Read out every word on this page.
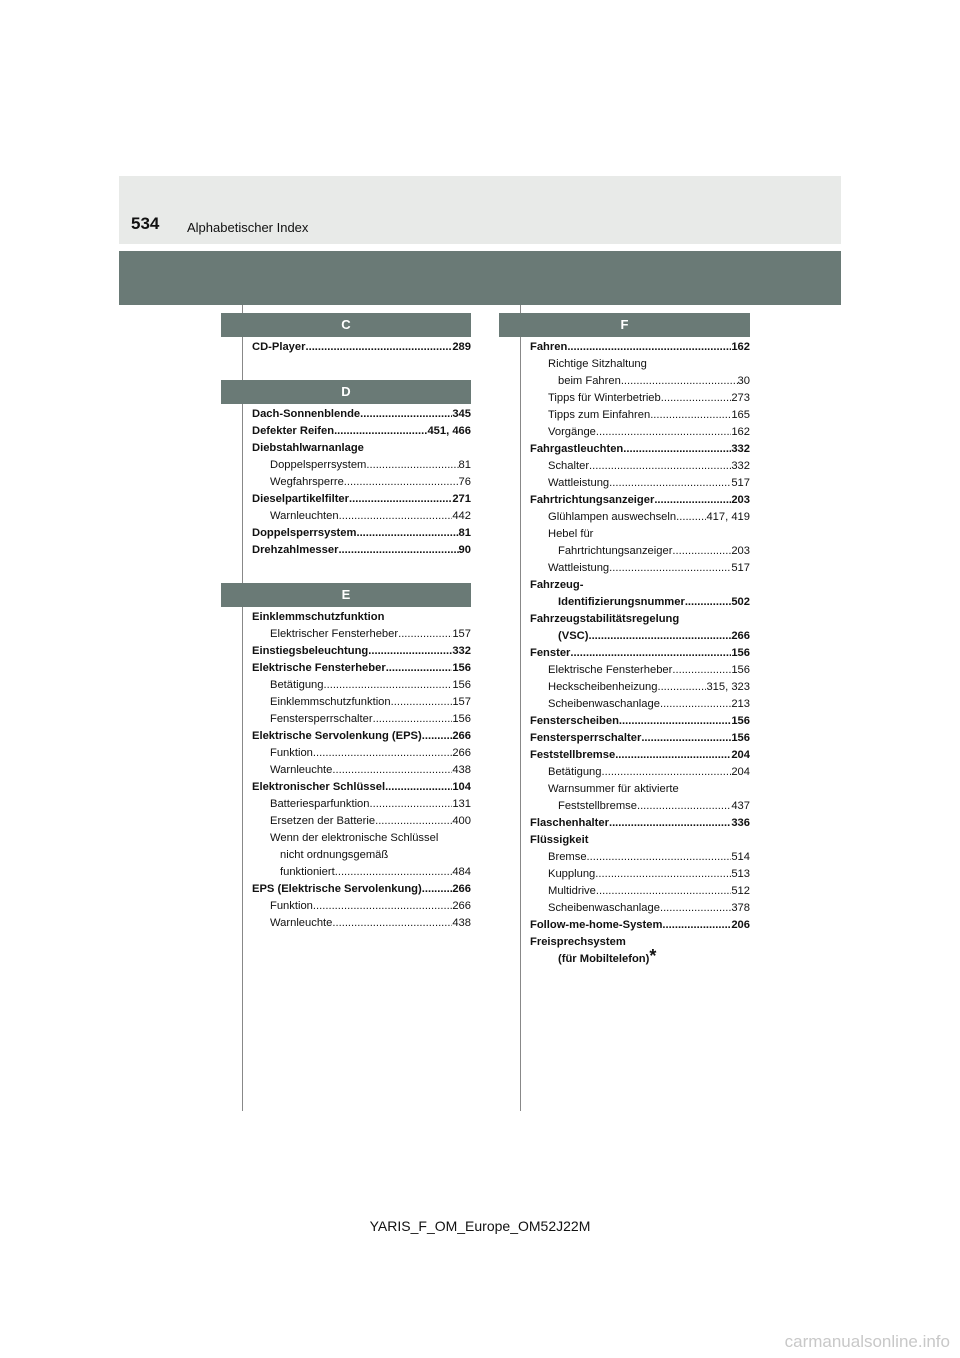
534 Alphabetischer Index
C
CD-Player .....	289
D
Dach-Sonnenblende .....	345
Defekter Reifen .....	451, 466
Diebstahlwarnanlage
Doppelsperrsystem .....	81
Wegfahrsperre .....	76
Dieselpartikelfilter .....	271
Warnleuchten .....	442
Doppelsperrsystem .....	81
Drehzahlmesser .....	90
E
Einklemmschutzfunktion
Elektrischer Fensterheber .....	157
Einstiegsbeleuchtung .....	332
Elektrische Fensterheber .....	156
Betätigung .....	156
Einklemmschutzfunktion .....	157
Fenstersperrschalter .....	156
Elektrische Servolenkung (EPS) .....	266
Funktion .....	266
Warnleuchte .....	438
Elektronischer Schlüssel .....	104
Batteriesparfunktion .....	131
Ersetzen der Batterie .....	400
Wenn der elektronische Schlüssel
nicht ordnungsgemäß
funktioniert .....	484
EPS (Elektrische Servolenkung) .....	266
Funktion .....	266
Warnleuchte .....	438
F
Fahren .....	162
Richtige Sitzhaltung
beim Fahren .....	30
Tipps für Winterbetrieb .....	273
Tipps zum Einfahren .....	165
Vorgänge .....	162
Fahrgastleuchten .....	332
Schalter .....	332
Wattleistung .....	517
Fahrtrichtungsanzeiger .....	203
Glühlampen auswechseln .....	417, 419
Hebel für
Fahrtrichtungsanzeiger .....	203
Wattleistung .....	517
Fahrzeug-
Identifizierungsnummer .....	502
Fahrzeugstabilitätsregelung
(VSC) .....	266
Fenster .....	156
Elektrische Fensterheber .....	156
Heckscheibenheizung .....	315, 323
Scheibenwaschanlage .....	213
Fensterscheiben .....	156
Fenstersperrschalter .....	156
Feststellbremse .....	204
Betätigung .....	204
Warnsummer für aktivierte
Feststellbremse .....	437
Flaschenhalter .....	336
Flüssigkeit
Bremse .....	514
Kupplung .....	513
Multidrive .....	512
Scheibenwaschanlage .....	378
Follow-me-home-System .....	206
Freisprechsystem
(für Mobiltelefon) *
YARIS_F_OM_Europe_OM52J22M
carmanualsonline.info
